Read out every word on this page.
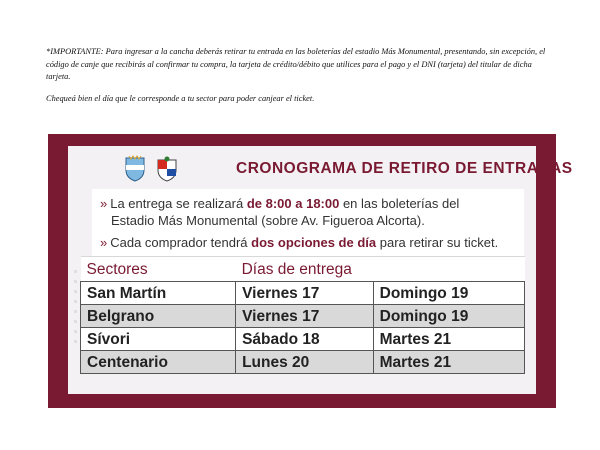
*IMPORTANTE: Para ingresar a la cancha deberás retirar tu entrada en las boleterías del estadio Más Monumental, presentando, sin excepción, el código de canje que recibirás al confirmar tu compra, la tarjeta de crédito/débito que utilices para el pago y el DNI (tarjeta) del titular de dicha tarjeta.

Chequeá bien el día que le corresponde a tu sector para poder canjear el ticket.

CRONOGRAMA DE RETIRO DE ENTRADAS
» La entrega se realizará de 8:00 a 18:00 en las boleterías del
Estadio Más Monumental (sobre Av. Figueroa Alcorta).
» Cada comprador tendrá dos opciones de día para retirar su ticket.
Sectores	Días de entrega	
San Martín	Viernes 17	Domingo 19
Belgrano	Viernes 17	Domingo 19
Sívori	Sábado 18	Martes 21
Centenario	Lunes 20	Martes 21
